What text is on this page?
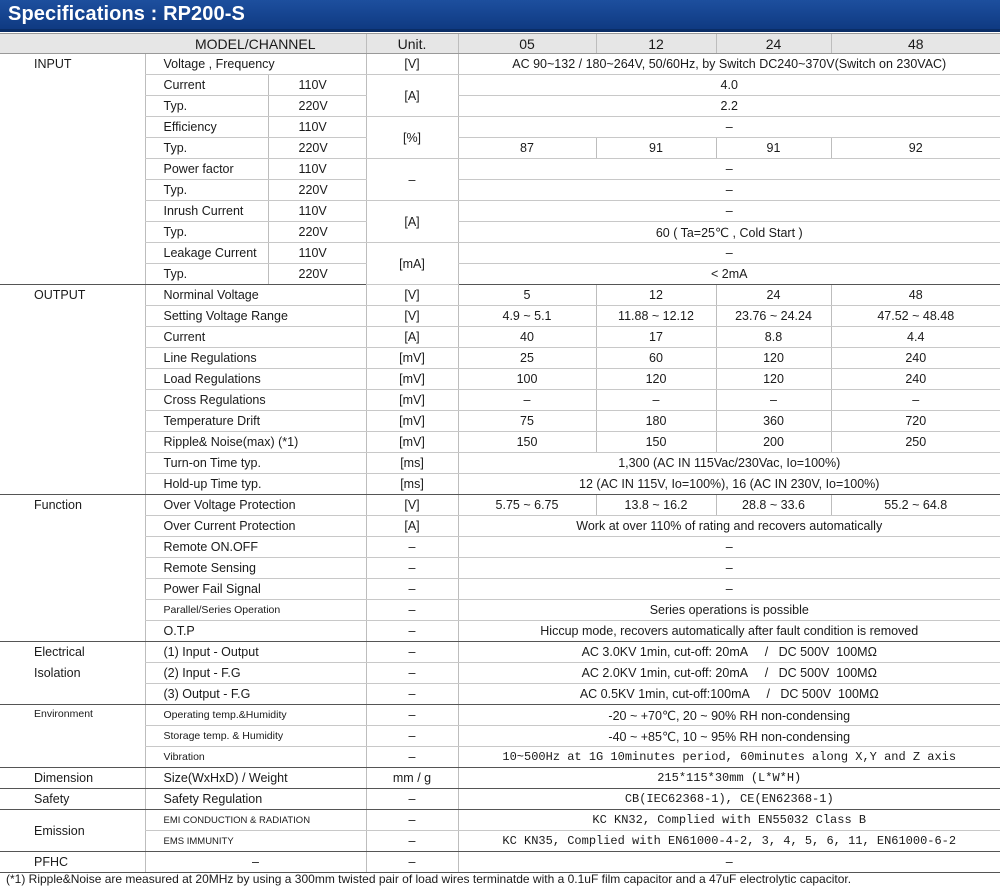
Specifications : RP200-S
	MODEL/CHANNEL		Unit.	05	12	24	48
INPUT	Voltage , Frequency		[V]	AC 90~132 / 180~264V, 50/60Hz, by Switch DC240~370V(Switch on 230VAC)			
	Current	110V	[A]	4.0			
	Typ.	220V		2.2			
	Efficiency	110V	[%]	–			
	Typ.	220V		87	91	91	92
	Power factor	110V	–	–			
	Typ.	220V		–			
	Inrush Current	110V	[A]	–			
	Typ.	220V		60 ( Ta=25℃ , Cold Start )			
	Leakage Current	110V	[mA]	–			
	Typ.	220V		< 2mA			
OUTPUT	Norminal Voltage		[V]	5	12	24	48
	Setting Voltage Range		[V]	4.9 ~ 5.1	11.88 ~ 12.12	23.76 ~ 24.24	47.52 ~ 48.48
	Current		[A]	40	17	8.8	4.4
	Line Regulations		[mV]	25	60	120	240
	Load Regulations		[mV]	100	120	120	240
	Cross Regulations		[mV]	–	–	–	–
	Temperature Drift		[mV]	75	180	360	720
	Ripple& Noise(max) (*1)		[mV]	150	150	200	250
	Turn-on Time typ.		[ms]	1,300 (AC IN 115Vac/230Vac, Io=100%)			
	Hold-up Time typ.		[ms]	12 (AC IN 115V, Io=100%), 16 (AC IN 230V, Io=100%)			
Function	Over Voltage Protection		[V]	5.75 ~ 6.75	13.8 ~ 16.2	28.8 ~ 33.6	55.2 ~ 64.8
	Over Current Protection		[A]	Work at over 110% of rating and recovers automatically			
	Remote ON.OFF		–	–			
	Remote Sensing		–	–			
	Power Fail Signal		–	–			
	Parallel/Series Operation		–	Series operations is possible			
	O.T.P		–	Hiccup mode, recovers automatically after fault condition is removed			
Electrical	(1) Input - Output		–	AC 3.0KV 1min, cut-off: 20mA     /   DC 500V  100MΩ			
Isolation	(2) Input - F.G		–	AC 2.0KV 1min, cut-off: 20mA     /   DC 500V  100MΩ			
	(3) Output - F.G		–	AC 0.5KV 1min, cut-off:100mA     /   DC 500V  100MΩ			
Environment	Operating temp.&Humidity		–	-20 ~ +70℃, 20 ~ 90% RH non-condensing			
	Storage temp. & Humidity		–	-40 ~ +85℃, 10 ~ 95% RH non-condensing			
	Vibration		–	10~500Hz at 1G 10minutes period, 60minutes along X,Y and Z axis			
Dimension	Size(WxHxD) / Weight		mm / g	215*115*30mm (L*W*H)			
Safety	Safety Regulation		–	CB(IEC62368-1), CE(EN62368-1)			
Emission	EMI CONDUCTION & RADIATION		–	KC KN32, Complied with EN55032 Class B			
	EMS IMMUNITY		–	KC KN35, Complied with EN61000-4-2, 3, 4, 5, 6, 11, EN61000-6-2			
PFHC	–		–	–			
(*1) Ripple&Noise are measured at 20MHz by using a 300mm twisted pair of load wires terminatde with a 0.1uF film capacitor and a 47uF electrolytic capacitor.
